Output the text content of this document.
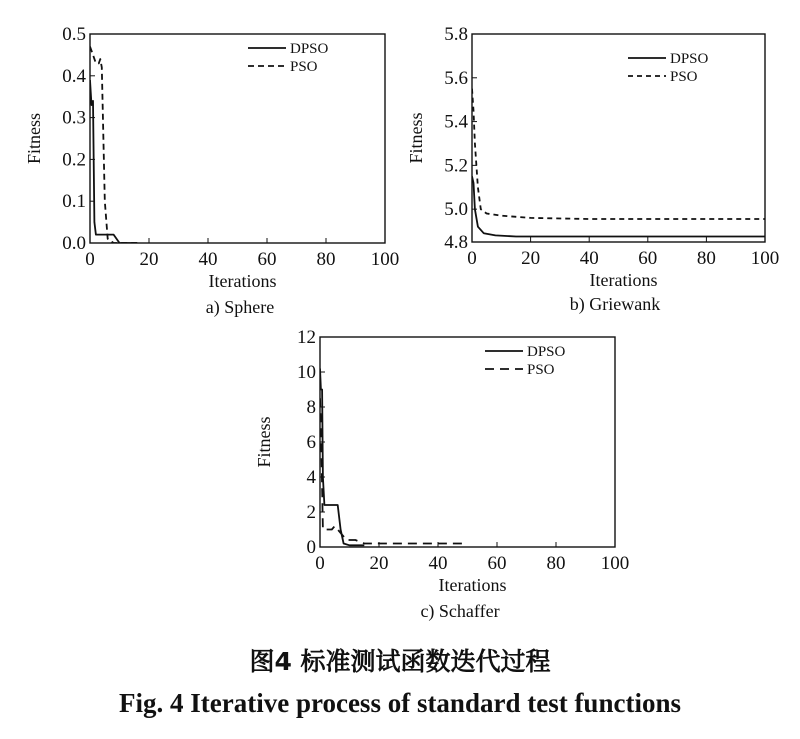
0 20 40 60 80 100
0.0
0.1
0.2
0.3
0.4
0.5
Iterations
Fitness
a) Sphere
DPSO
PSO
0 20 40 60 80 100
4.8
5.0
5.2
5.4
5.6
5.8
Iterations
Fitness
b) Griewank
DPSO
PSO
0 20 40 60 80 100
0
2
4
6
8
10
12
Iterations
Fitness
c) Schaffer
DPSO
PSO
图4 标准测试函数迭代过程
Fig. 4 Iterative process of standard test functions
